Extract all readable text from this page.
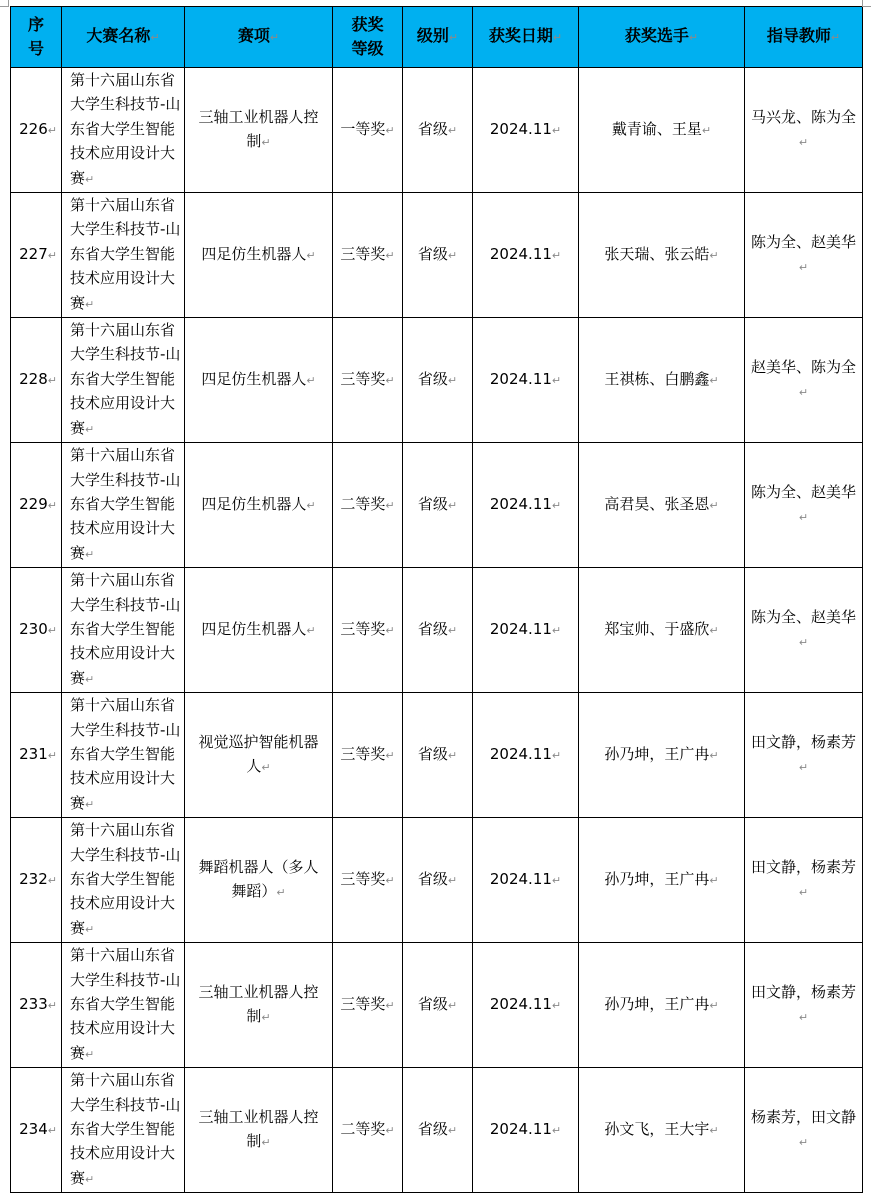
序号	大赛名称↵	赛项↵	获奖等级	级别↵	获奖日期↵	获奖选手↵	指导教师↵
226↵	第十六届山东省大学生科技节-山东省大学生智能技术应用设计大赛↵	三轴工业机器人控制↵	一等奖↵	省级↵	2024.11↵	戴青谕、王星↵	马兴龙、陈为全↵
227↵	第十六届山东省大学生科技节-山东省大学生智能技术应用设计大赛↵	四足仿生机器人↵	三等奖↵	省级↵	2024.11↵	张天瑞、张云皓↵	陈为全、赵美华↵
228↵	第十六届山东省大学生科技节-山东省大学生智能技术应用设计大赛↵	四足仿生机器人↵	三等奖↵	省级↵	2024.11↵	王祺栋、白鹏鑫↵	赵美华、陈为全↵
229↵	第十六届山东省大学生科技节-山东省大学生智能技术应用设计大赛↵	四足仿生机器人↵	二等奖↵	省级↵	2024.11↵	高君昊、张圣恩↵	陈为全、赵美华↵
230↵	第十六届山东省大学生科技节-山东省大学生智能技术应用设计大赛↵	四足仿生机器人↵	三等奖↵	省级↵	2024.11↵	郑宝帅、于盛欣↵	陈为全、赵美华↵
231↵	第十六届山东省大学生科技节-山东省大学生智能技术应用设计大赛↵	视觉巡护智能机器人↵	三等奖↵	省级↵	2024.11↵	孙乃坤，王广冉↵	田文静，杨素芳↵
232↵	第十六届山东省大学生科技节-山东省大学生智能技术应用设计大赛↵	舞蹈机器人（多人舞蹈）↵	三等奖↵	省级↵	2024.11↵	孙乃坤，王广冉↵	田文静，杨素芳↵
233↵	第十六届山东省大学生科技节-山东省大学生智能技术应用设计大赛↵	三轴工业机器人控制↵	三等奖↵	省级↵	2024.11↵	孙乃坤，王广冉↵	田文静，杨素芳↵
234↵	第十六届山东省大学生科技节-山东省大学生智能技术应用设计大赛↵	三轴工业机器人控制↵	二等奖↵	省级↵	2024.11↵	孙文飞，王大宇↵	杨素芳，田文静↵
